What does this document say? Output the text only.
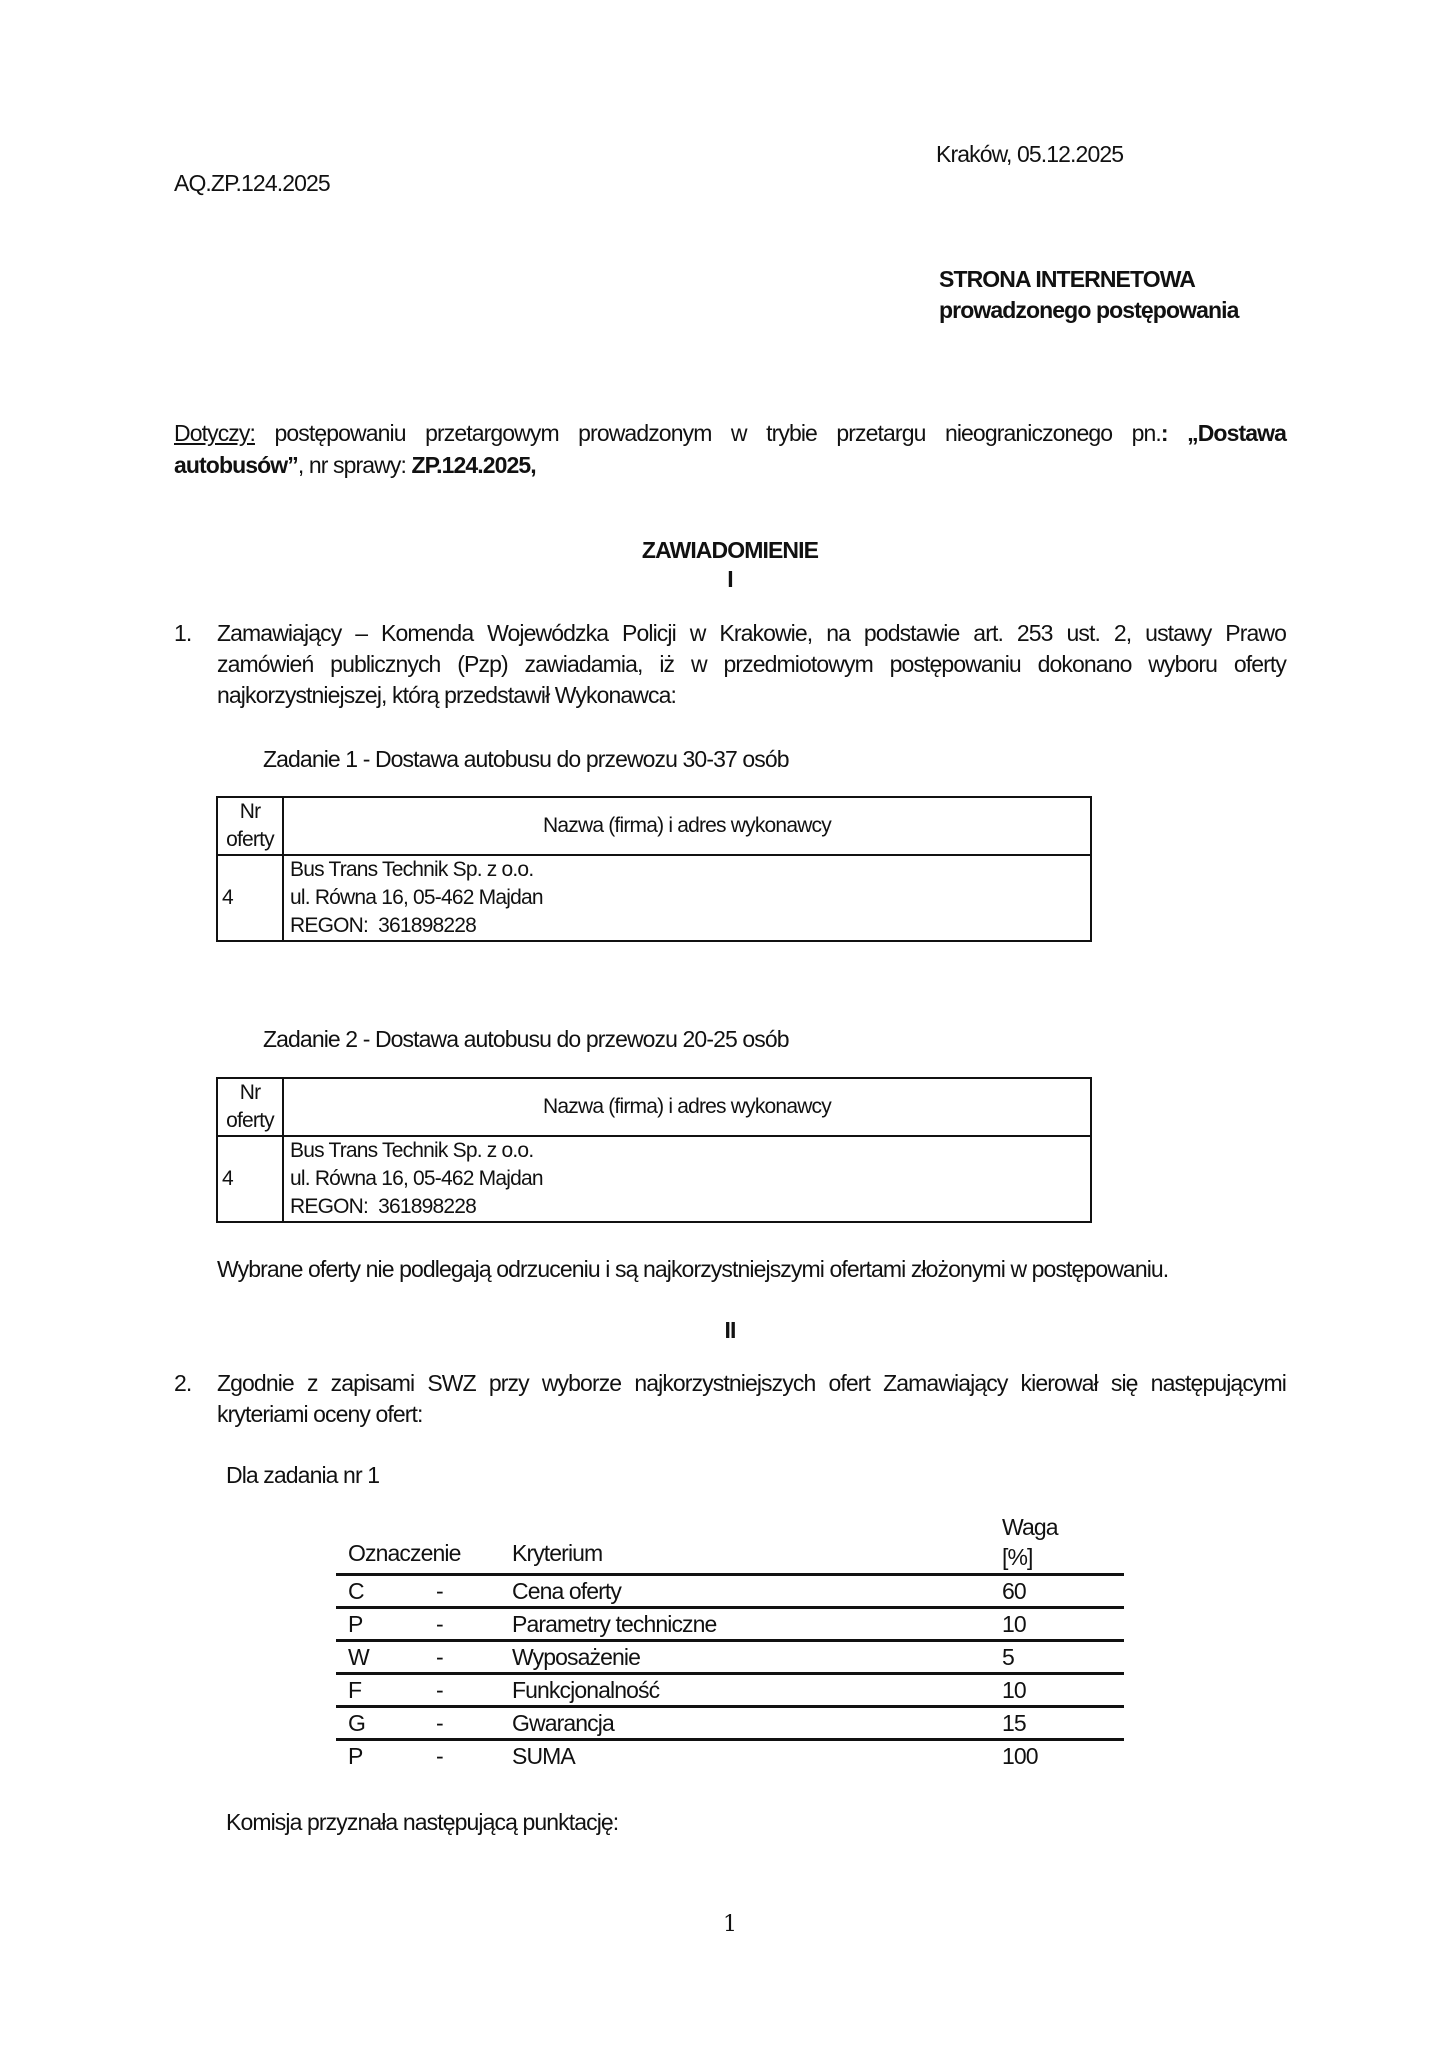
AQ.ZP.124.2025
Kraków, 05.12.2025
STRONA INTERNETOWA
prowadzonego postępowania
Dotyczy: postępowaniu przetargowym prowadzonym w trybie przetargu nieograniczonego pn.: „Dostawa
autobusów”, nr sprawy: ZP.124.2025,
ZAWIADOMIENIE
I
1. Zamawiający – Komenda Wojewódzka Policji w Krakowie, na podstawie art. 253 ust. 2, ustawy Prawo
zamówień publicznych (Pzp) zawiadamia, iż w przedmiotowym postępowaniu dokonano wyboru oferty
najkorzystniejszej, którą przedstawił Wykonawca:
Zadanie 1 - Dostawa autobusu do przewozu 30-37 osób
Nr
oferty	Nazwa (firma) i adres wykonawcy
4	Bus Trans Technik Sp. z o.o.
ul. Równa 16, 05-462 Majdan
REGON:  361898228
Zadanie 2 - Dostawa autobusu do przewozu 20-25 osób
Nr
oferty	Nazwa (firma) i adres wykonawcy
4	Bus Trans Technik Sp. z o.o.
ul. Równa 16, 05-462 Majdan
REGON:  361898228
Wybrane oferty nie podlegają odrzuceniu i są najkorzystniejszymi ofertami złożonymi w postępowaniu.
II
2. Zgodnie z zapisami SWZ przy wyborze najkorzystniejszych ofert Zamawiający kierował się następującymi
kryteriami oceny ofert:
Dla zadania nr 1
Oznaczenie		Kryterium	Waga
[%]

C	-	Cena oferty	60
P	-	Parametry techniczne	10
W	-	Wyposażenie	5
F	-	Funkcjonalność	10
G	-	Gwarancja	15
P	-	SUMA	100
Komisja przyznała następującą punktację:
1
